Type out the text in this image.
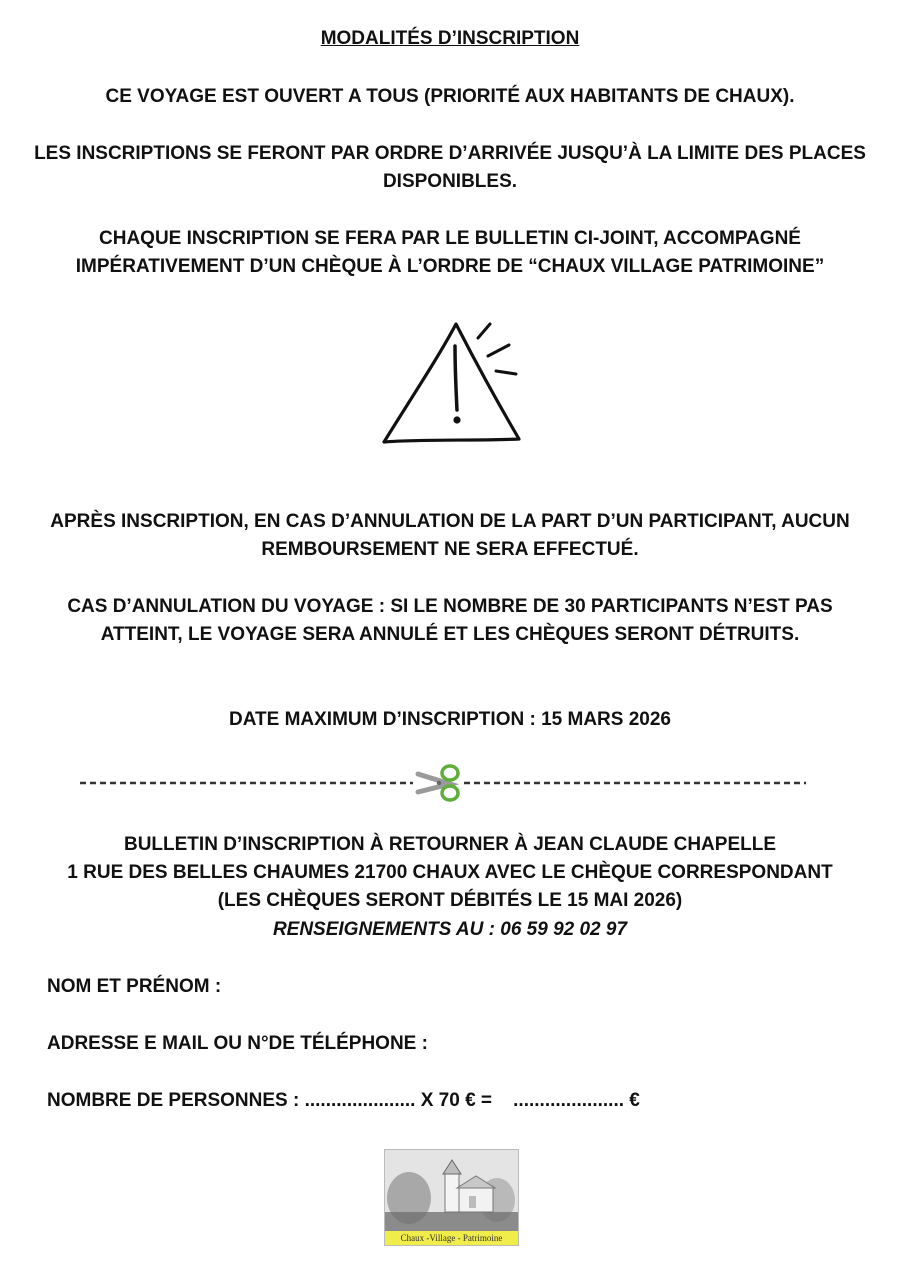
MODALITÉS D’INSCRIPTION

CE VOYAGE EST OUVERT A TOUS (PRIORITÉ AUX HABITANTS DE CHAUX).

LES INSCRIPTIONS SE FERONT PAR ORDRE D’ARRIVÉE JUSQU’À LA LIMITE DES PLACES

DISPONIBLES.

CHAQUE INSCRIPTION SE FERA PAR LE BULLETIN CI-JOINT, ACCOMPAGNÉ

IMPÉRATIVEMENT D’UN CHÈQUE À L’ORDRE DE “CHAUX VILLAGE PATRIMOINE”

APRÈS INSCRIPTION, EN CAS D’ANNULATION DE LA PART D’UN PARTICIPANT, AUCUN

REMBOURSEMENT NE SERA EFFECTUÉ.

CAS D’ANNULATION DU VOYAGE : SI LE NOMBRE DE 30 PARTICIPANTS N’EST PAS

ATTEINT, LE VOYAGE SERA ANNULÉ ET LES CHÈQUES SERONT DÉTRUITS.

DATE MAXIMUM D’INSCRIPTION : 15 MARS 2026

BULLETIN D’INSCRIPTION À RETOURNER À JEAN CLAUDE CHAPELLE

1 RUE DES BELLES CHAUMES 21700 CHAUX AVEC LE CHÈQUE CORRESPONDANT

(LES CHÈQUES SERONT DÉBITÉS LE 15 MAI 2026)

RENSEIGNEMENTS AU : 06 59 92 02 97

NOM ET PRÉNOM :

ADRESSE E MAIL OU N°DE TÉLÉPHONE :

NOMBRE DE PERSONNES : ..................... X 70 € =    ..................... €

Chaux -Village - Patrimoine
